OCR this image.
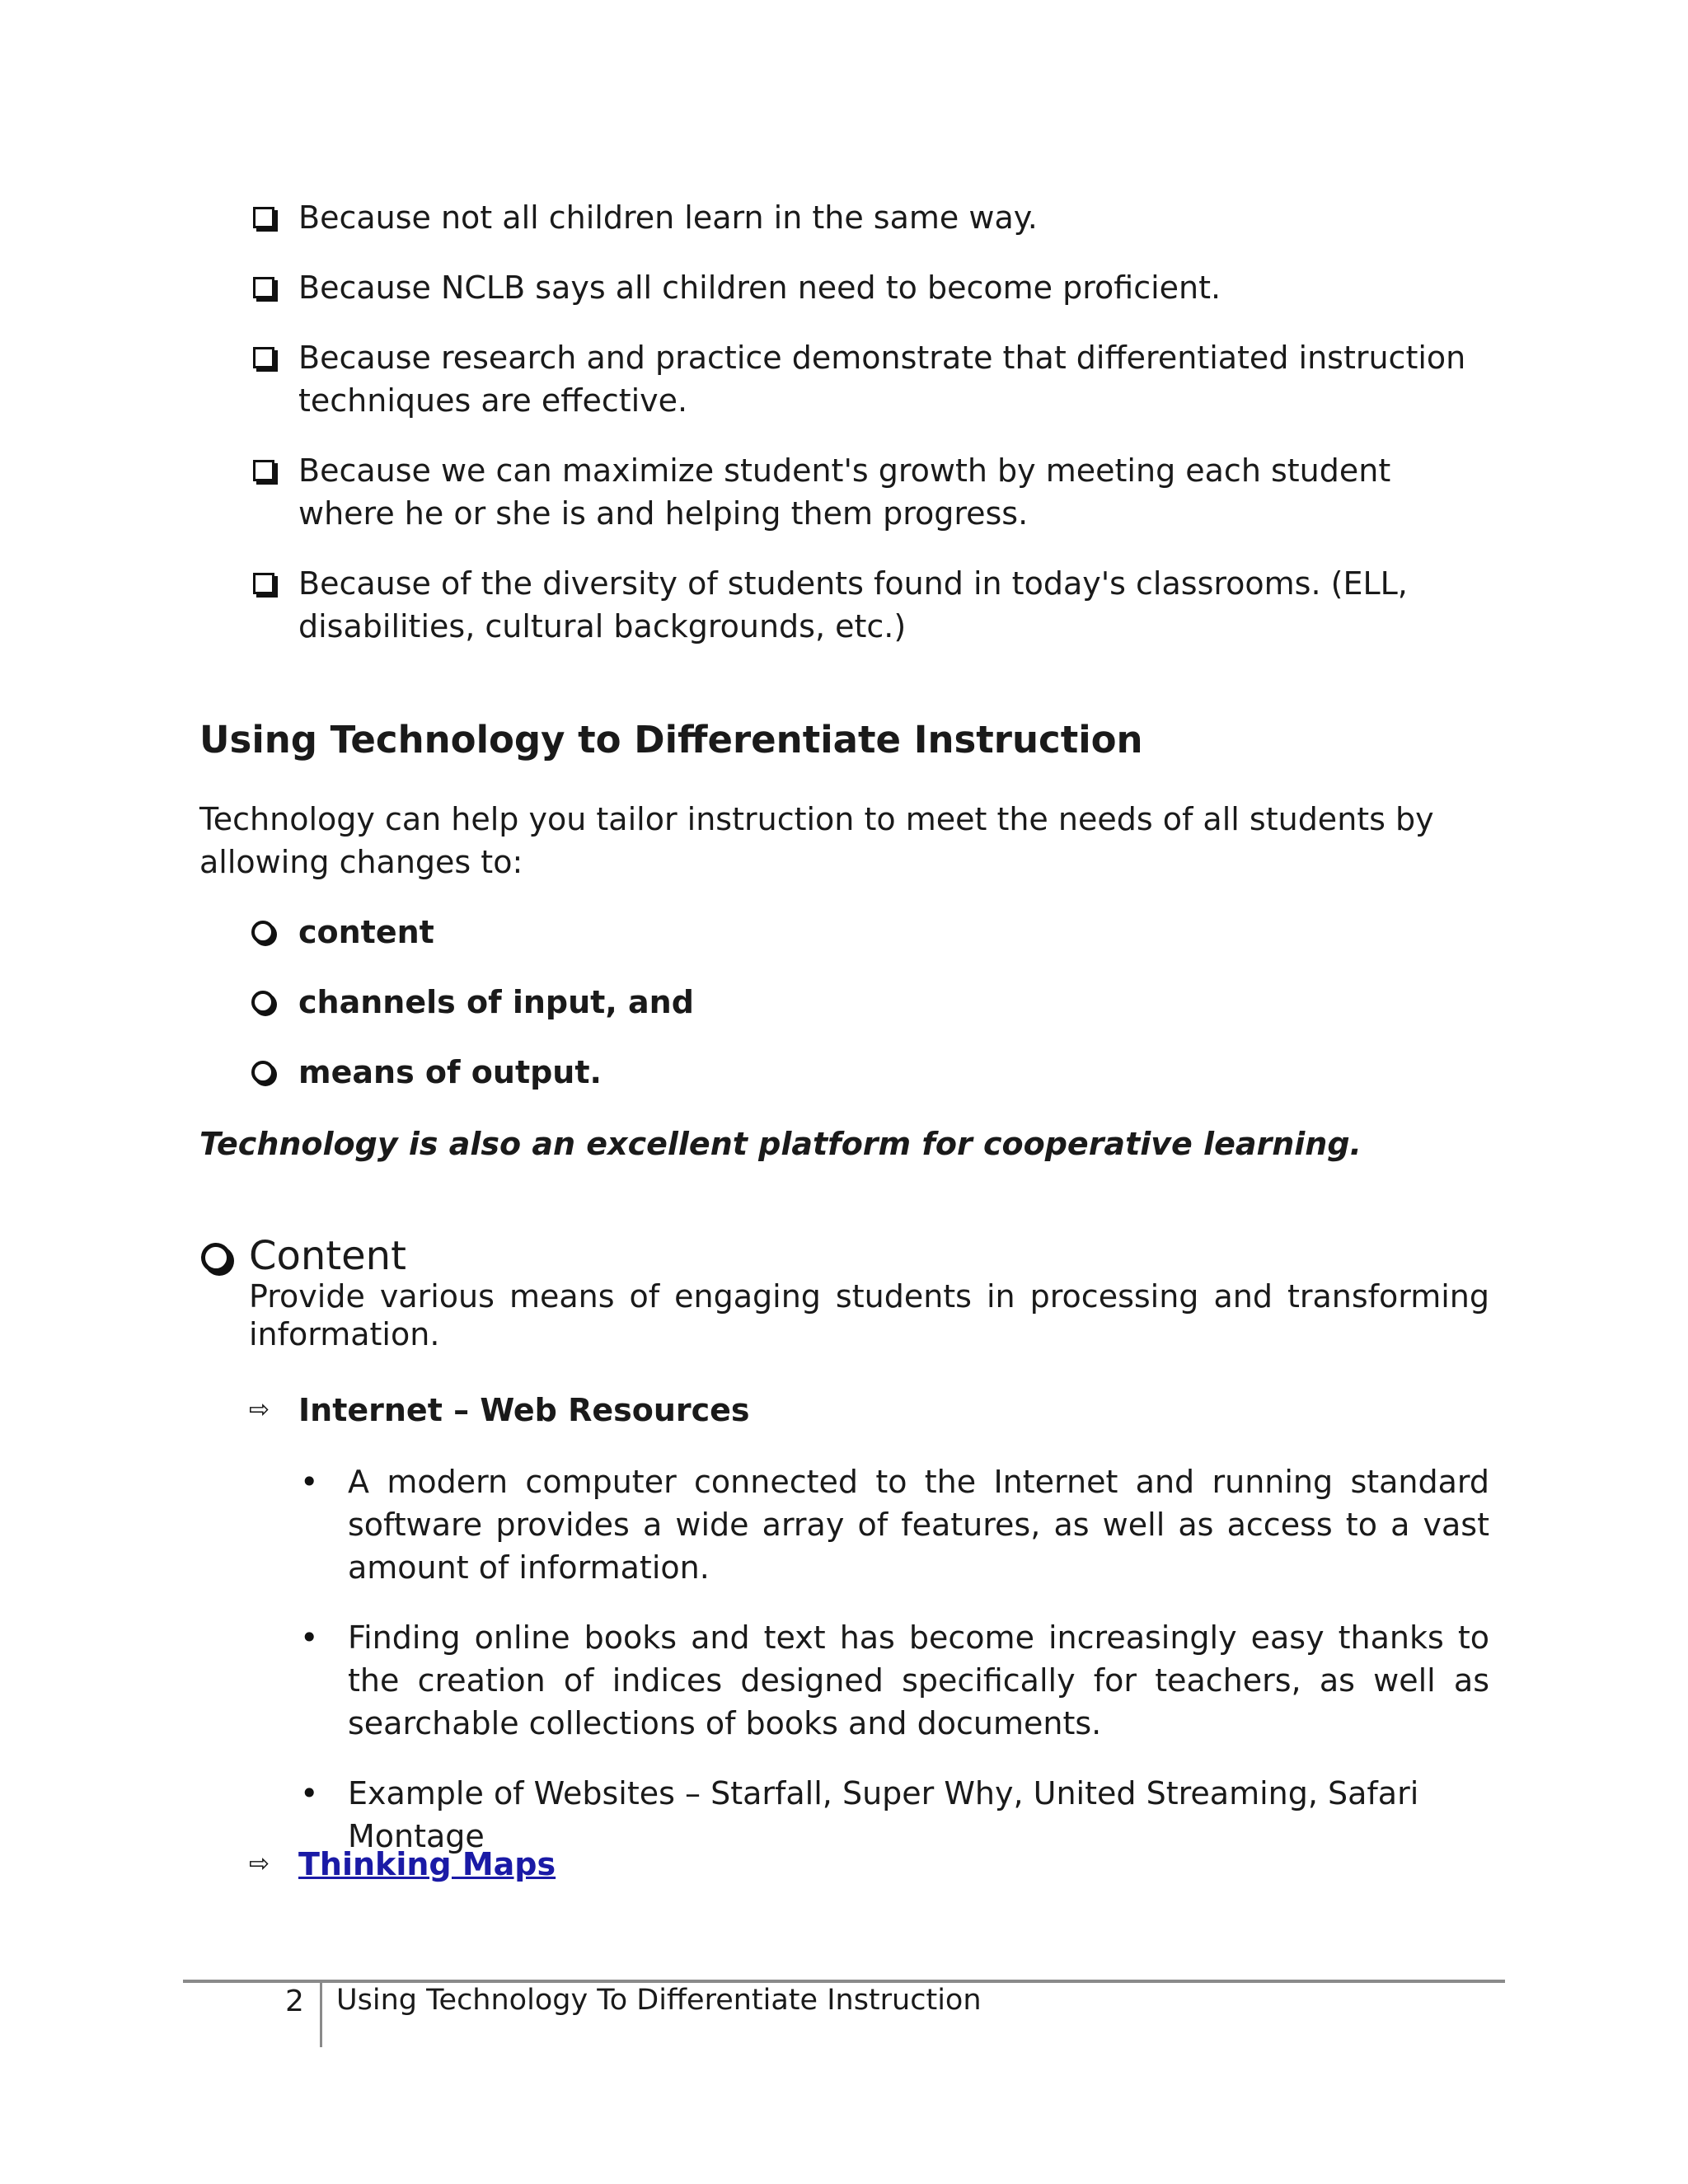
Because not all children learn in the same way.
Because NCLB says all children need to become proficient.
Because research and practice demonstrate that differentiated instruction techniques are effective.
Because we can maximize student's growth by meeting each student where he or she is and helping them progress.
Because of the diversity of students found in today's classrooms. (ELL, disabilities, cultural backgrounds, etc.)
Using Technology to Differentiate Instruction
Technology can help you tailor instruction to meet the needs of all students by allowing changes to:
content
channels of input, and
means of output.
Technology is also an excellent platform for cooperative learning.
Content
Provide various means of engaging students in processing and transforming information.
⇨ Internet – Web Resources
• A modern computer connected to the Internet and running standard software provides a wide array of features, as well as access to a vast amount of information.
• Finding online books and text has become increasingly easy thanks to the creation of indices designed specifically for teachers, as well as searchable collections of books and documents.
• Example of Websites – Starfall, Super Why, United Streaming, Safari Montage
⇨ Thinking Maps
2 Using Technology To Differentiate Instruction
